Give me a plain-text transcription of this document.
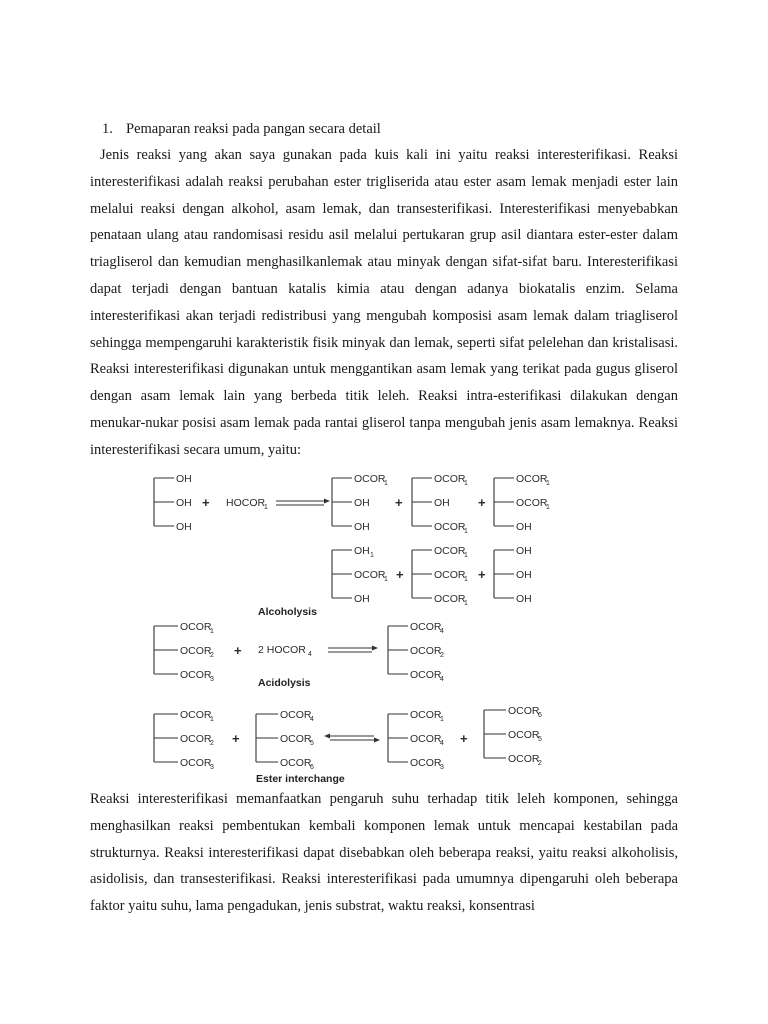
1. Pemaparan reaksi pada pangan secara detail
Jenis reaksi yang akan saya gunakan pada kuis kali ini yaitu reaksi interesterifikasi. Reaksi interesterifikasi adalah reaksi perubahan ester trigliserida atau ester asam lemak menjadi ester lain melalui reaksi dengan alkohol, asam lemak, dan transesterifikasi. Interesterifikasi menyebabkan penataan ulang atau randomisasi residu asil melalui pertukaran grup asil diantara ester-ester dalam triagliserol dan kemudian menghasilkanlemak atau minyak dengan sifat-sifat baru. Interesterifikasi dapat terjadi dengan bantuan katalis kimia atau dengan adanya biokatalis enzim. Selama interesterifikasi akan terjadi redistribusi yang mengubah komposisi asam lemak dalam triagliserol sehingga mempengaruhi karakteristik fisik minyak dan lemak, seperti sifat pelelehan dan kristalisasi. Reaksi interesterifikasi digunakan untuk menggantikan asam lemak yang terikat pada gugus gliserol dengan asam lemak lain yang berbeda titik leleh. Reaksi intra-esterifikasi dilakukan dengan menukar-nukar posisi asam lemak pada rantai gliserol tanpa mengubah jenis asam lemaknya. Reaksi interesterifikasi secara umum, yaitu:
OH
OH
OH
+ HOCOR
1
OCOR
1
OH
OH
+
OCOR
1
OH
OCOR
1
+
OCOR
1
OCOR
1
OH
OH 1
OCOR
1
OH
+
OCOR
1
OCOR
1
OCOR
1
+
OH
OH
OH
Alcoholysis
OCOR
1
OCOR
2
OCOR
3
+ 2 HOCOR 4
OCOR
4
OCOR
2
OCOR
4
Acidolysis
OCOR
1
OCOR
2
OCOR
3
+
OCOR
4
OCOR
5
OCOR
6
OCOR
1
OCOR
4
OCOR
3
+
OCOR
6
OCOR
5
OCOR
2
Ester interchange
Reaksi interesterifikasi memanfaatkan pengaruh suhu terhadap titik leleh komponen, sehingga menghasilkan reaksi pembentukan kembali komponen lemak untuk mencapai kestabilan pada strukturnya. Reaksi interesterifikasi dapat disebabkan oleh beberapa reaksi, yaitu reaksi alkoholisis, asidolisis, dan transesterifikasi. Reaksi interesterifikasi pada umumnya dipengaruhi oleh beberapa faktor yaitu suhu, lama pengadukan, jenis substrat, waktu reaksi, konsentrasi
